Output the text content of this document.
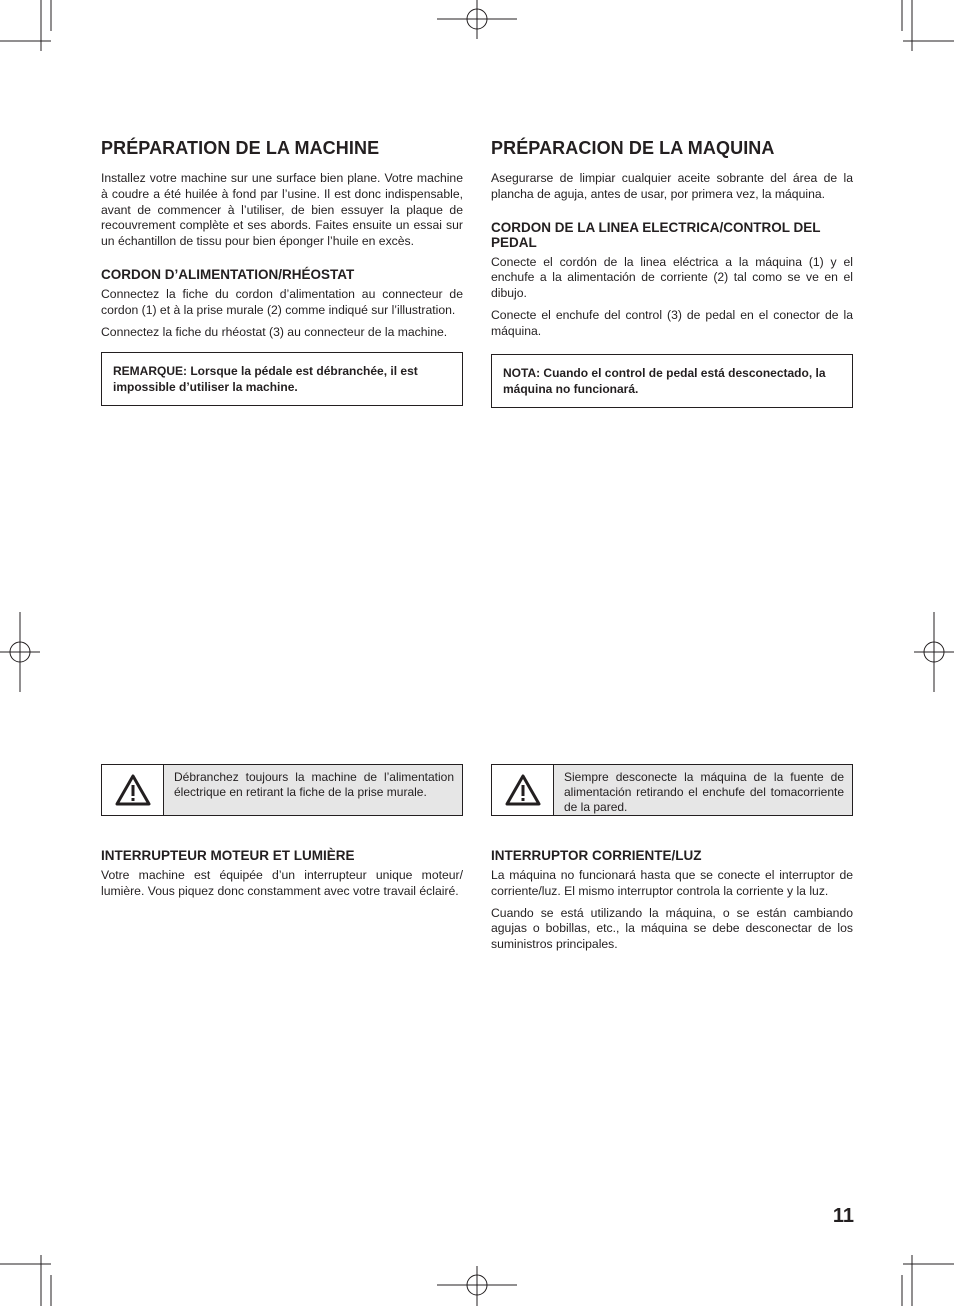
PRÉPARATION DE LA MACHINE

Installez votre machine sur une surface bien plane. Votre machine à coudre a été huilée à fond par l’usine. Il est donc indispensable, avant de commencer à l’utiliser, de bien essuyer la plaque de recouvrement complète et ses abords. Faites ensuite un essai sur un échantillon de tissu pour bien éponger l’huile en excès.

CORDON D’ALIMENTATION/RHÉOSTAT

Connectez la fiche du cordon d’alimentation au connecteur de cordon (1) et à la prise murale (2) comme indiqué sur l’illustration.

Connectez la fiche du rhéostat (3) au connecteur de la machine.

REMARQUE: Lorsque la pédale est débranchée, il est impossible d’utiliser la machine.
PRÉPARACION DE LA MAQUINA

Asegurarse de limpiar cualquier aceite sobrante del área de la plancha de aguja, antes de usar, por primera vez, la máquina.

CORDON DE LA LINEA ELECTRICA/CONTROL DEL PEDAL

Conecte el cordón de la linea eléctrica a la máquina (1) y el enchufe a la alimentación de corriente (2) tal como se ve en el dibujo.

Conecte el enchufe del control (3) de pedal en el conector de la máquina.

NOTA: Cuando el control de pedal está desconectado, la máquina no funcionará.
Débranchez toujours la machine de l’alimentation électrique en retirant la fiche de la prise murale.
Siempre desconecte la máquina de la fuente de alimentación retirando el enchufe del tomacorriente de la pared.
INTERRUPTEUR MOTEUR ET LUMIÈRE

Votre machine est équipée d’un interrupteur unique moteur/ lumière. Vous piquez donc constamment avec votre travail éclairé.

INTERRUPTOR CORRIENTE/LUZ

La máquina no funcionará hasta que se conecte el interruptor de corriente/luz. El mismo interruptor controla la corriente y la luz.

Cuando se está utilizando la máquina, o se están cambiando agujas o bobillas, etc., la máquina se debe desconectar de los suministros principales.

11
